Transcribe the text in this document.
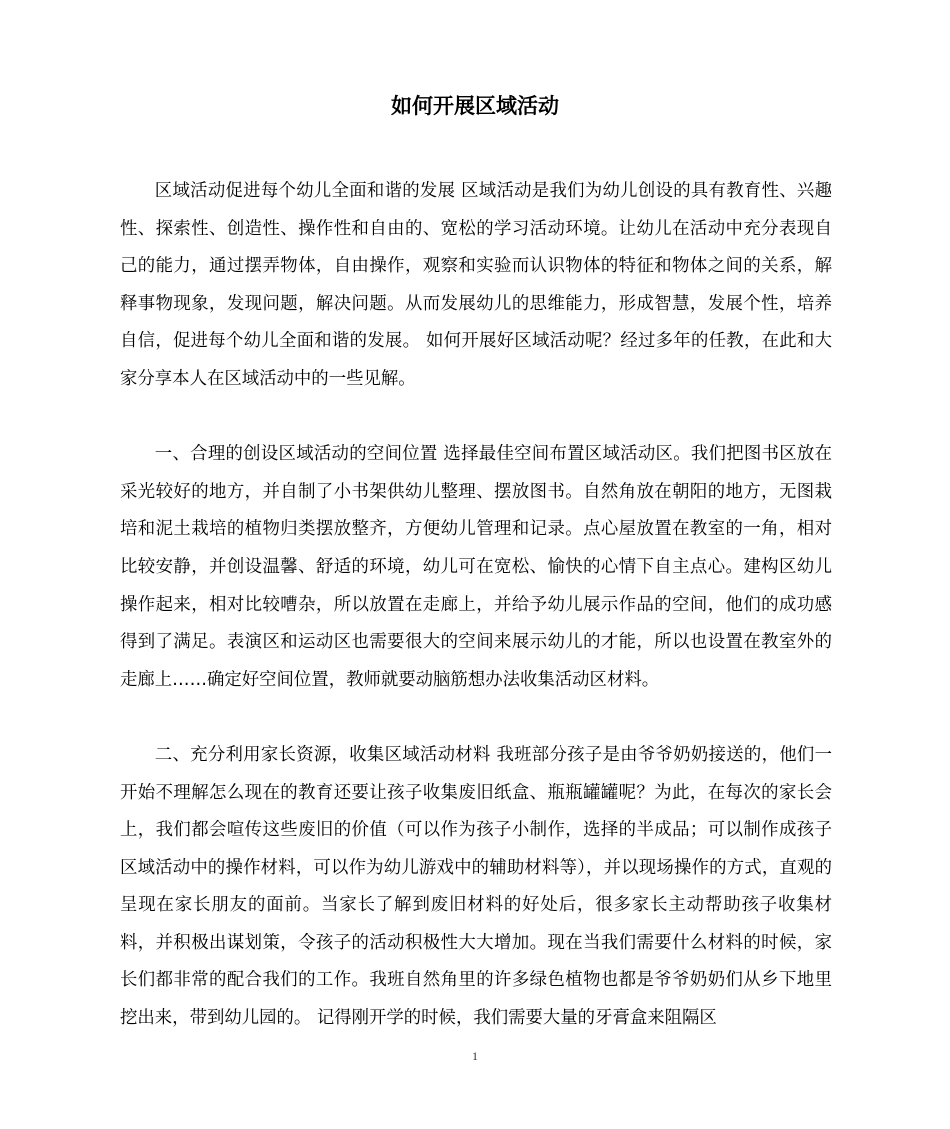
如何开展区域活动

区域活动促进每个幼儿全面和谐的发展 区域活动是我们为幼儿创设的具有教育性、兴趣性、探索性、创造性、操作性和自由的、宽松的学习活动环境。让幼儿在活动中充分表现自己的能力，通过摆弄物体，自由操作，观察和实验而认识物体的特征和物体之间的关系，解释事物现象，发现问题，解决问题。从而发展幼儿的思维能力，形成智慧，发展个性，培养自信，促进每个幼儿全面和谐的发展。 如何开展好区域活动呢？经过多年的任教，在此和大家分享本人在区域活动中的一些见解。

一、合理的创设区域活动的空间位置 选择最佳空间布置区域活动区。我们把图书区放在采光较好的地方，并自制了小书架供幼儿整理、摆放图书。自然角放在朝阳的地方，无图栽培和泥土栽培的植物归类摆放整齐，方便幼儿管理和记录。点心屋放置在教室的一角，相对比较安静，并创设温馨、舒适的环境，幼儿可在宽松、愉快的心情下自主点心。建构区幼儿操作起来，相对比较嘈杂，所以放置在走廊上，并给予幼儿展示作品的空间，他们的成功感得到了满足。表演区和运动区也需要很大的空间来展示幼儿的才能，所以也设置在教室外的走廊上……确定好空间位置，教师就要动脑筋想办法收集活动区材料。

二、充分利用家长资源，收集区域活动材料 我班部分孩子是由爷爷奶奶接送的，他们一开始不理解怎么现在的教育还要让孩子收集废旧纸盒、瓶瓶罐罐呢？为此，在每次的家长会上，我们都会喧传这些废旧的价值（可以作为孩子小制作，选择的半成品；可以制作成孩子区域活动中的操作材料，可以作为幼儿游戏中的辅助材料等），并以现场操作的方式，直观的呈现在家长朋友的面前。当家长了解到废旧材料的好处后，很多家长主动帮助孩子收集材料，并积极出谋划策，令孩子的活动积极性大大增加。现在当我们需要什么材料的时候，家长们都非常的配合我们的工作。我班自然角里的许多绿色植物也都是爷爷奶奶们从乡下地里挖出来，带到幼儿园的。 记得刚开学的时候，我们需要大量的牙膏盒来阻隔区

1
